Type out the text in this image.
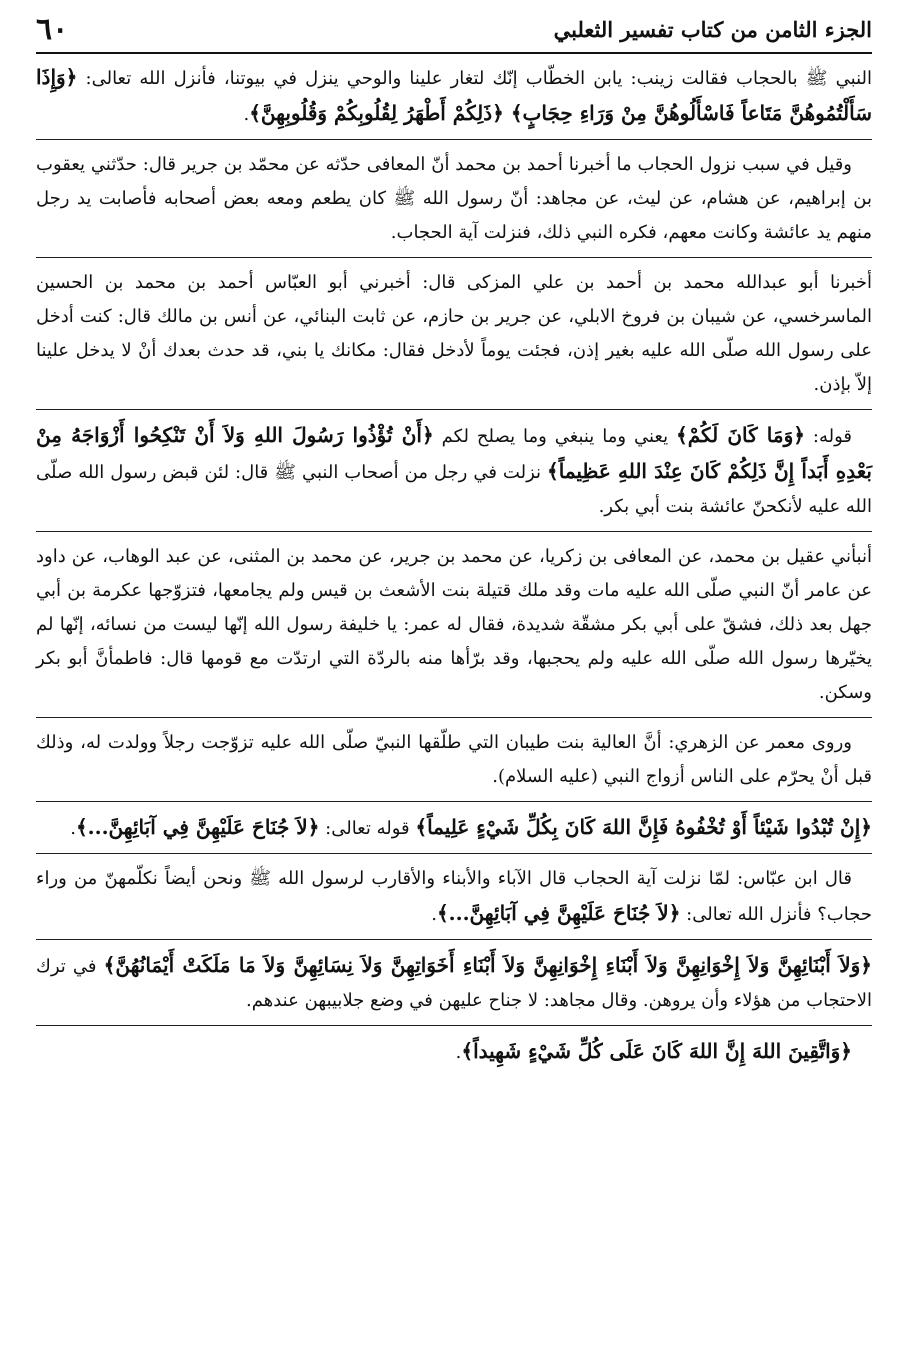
الجزء الثامن من كتاب تفسير الثعلبي
٦٠

النبي ﷺ بالحجاب فقالت زينب: يابن الخطّاب إنّك لتغار علينا والوحي ينزل في بيوتنا، فأنزل الله تعالى: ﴿وَإِذَا سَأَلْتُمُوهُنَّ مَتَاعاً فَاسْأَلُوهُنَّ مِنْ وَرَاءِ حِجَابٍ﴾ ﴿ذَلِكُمْ أَطْهَرُ لِقُلُوبِكُمْ وَقُلُوبِهِنَّ﴾.

وقيل في سبب نزول الحجاب ما أخبرنا أحمد بن محمد أنّ المعافى حدّثه عن محمّد بن جرير قال: حدّثني يعقوب بن إبراهيم، عن هشام، عن ليث، عن مجاهد: أنّ رسول الله ﷺ كان يطعم ومعه بعض أصحابه فأصابت يد رجل منهم يد عائشة وكانت معهم، فكره النبي ذلك، فنزلت آية الحجاب.

أخبرنا أبو عبدالله محمد بن أحمد بن علي المزكى قال: أخبرني أبو العبّاس أحمد بن محمد بن الحسين الماسرخسي، عن شيبان بن فروخ الابلي، عن جرير بن حازم، عن ثابت البنائي، عن أنس بن مالك قال: كنت أدخل على رسول الله صلّى الله عليه بغير إذن، فجئت يوماً لأدخل فقال: مكانك يا بني، قد حدث بعدك أنْ لا يدخل علينا إلاّ بإذن.

قوله: ﴿وَمَا كَانَ لَكُمْ﴾ يعني وما ينبغي وما يصلح لكم ﴿أَنْ تُؤْذُوا رَسُولَ اللهِ وَلاَ أَنْ تَنْكِحُوا أَزْوَاجَهُ مِنْ بَعْدِهِ أَبَداً إِنَّ ذَلِكُمْ كَانَ عِنْدَ اللهِ عَظِيماً﴾ نزلت في رجل من أصحاب النبي ﷺ قال: لئن قبض رسول الله صلّى الله عليه لأنكحنّ عائشة بنت أبي بكر.

أنبأني عقيل بن محمد، عن المعافى بن زكريا، عن محمد بن جرير، عن محمد بن المثنى، عن عبد الوهاب، عن داود عن عامر أنّ النبي صلّى الله عليه مات وقد ملك قتيلة بنت الأشعث بن قيس ولم يجامعها، فتزوّجها عكرمة بن أبي جهل بعد ذلك، فشقّ على أبي بكر مشقّة شديدة، فقال له عمر: يا خليفة رسول الله إنّها ليست من نسائه، إنّها لم يخيّرها رسول الله صلّى الله عليه ولم يحجبها، وقد برّأها منه بالردّة التي ارتدّت مع قومها قال: فاطمأنَّ أبو بكر وسكن.

وروى معمر عن الزهري: أنَّ العالية بنت طيبان التي طلّقها النبيّ صلّى الله عليه تزوّجت رجلاً وولدت له، وذلك قبل أنْ يحرّم على الناس أزواج النبي (عليه السلام).

﴿إِنْ تُبْدُوا شَيْئاً أَوْ تُخْفُوهُ فَإِنَّ اللهَ كَانَ بِكُلِّ شَيْءٍ عَلِيماً﴾ قوله تعالى: ﴿لاَ جُنَاحَ عَلَيْهِنَّ فِي آبَائِهِنَّ...﴾.

قال ابن عبّاس: لمّا نزلت آية الحجاب قال الآباء والأبناء والأقارب لرسول الله ﷺ ونحن أيضاً نكلّمهنّ من وراء حجاب؟ فأنزل الله تعالى: ﴿لاَ جُنَاحَ عَلَيْهِنَّ فِي آبَائِهِنَّ...﴾.

﴿وَلاَ أَبْنَائِهِنَّ وَلاَ إِخْوَانِهِنَّ وَلاَ أَبْنَاءِ إِخْوَانِهِنَّ وَلاَ أَبْنَاءِ أَخَوَاتِهِنَّ وَلاَ نِسَائِهِنَّ وَلاَ مَا مَلَكَتْ أَيْمَانُهُنَّ﴾ في ترك الاحتجاب من هؤلاء وأن يروهن. وقال مجاهد: لا جناح عليهن في وضع جلابيبهن عندهم.

﴿وَاتَّقِينَ اللهَ إِنَّ اللهَ كَانَ عَلَى كُلِّ شَيْءٍ شَهِيداً﴾.
